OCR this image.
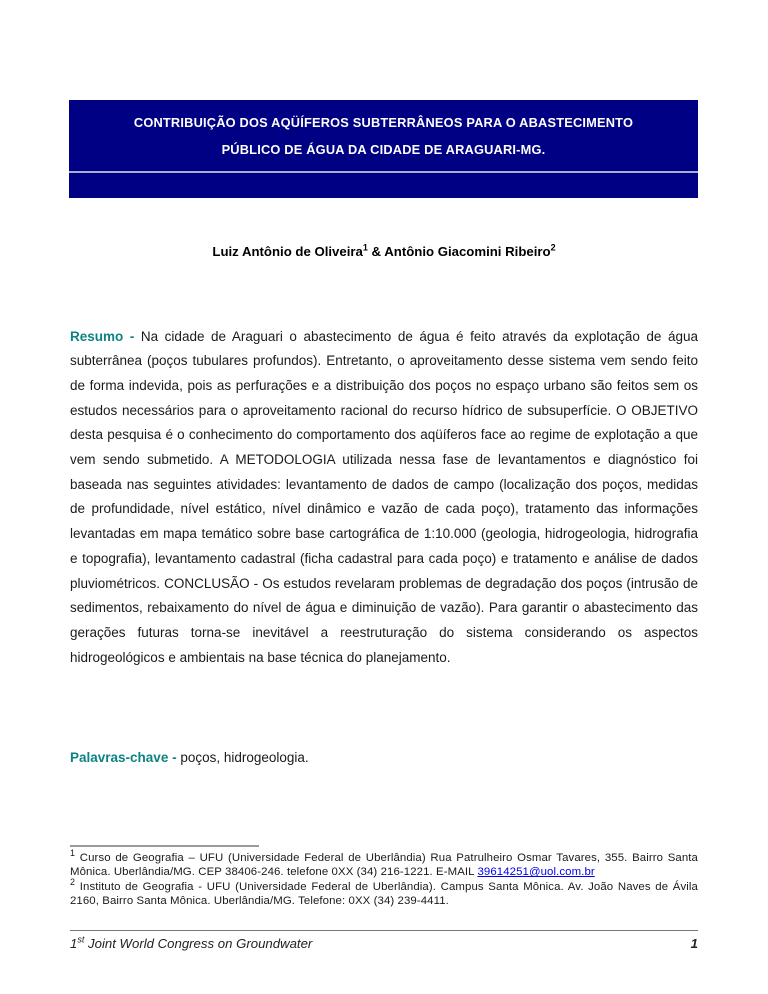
CONTRIBUIÇÃO DOS AQÜÍFEROS SUBTERRÂNEOS PARA O ABASTECIMENTO
PÚBLICO DE ÁGUA DA CIDADE DE ARAGUARI-MG.
Luiz Antônio de Oliveira$^1$ & Antônio Giacomini Ribeiro$^2$

Resumo - Na cidade de Araguari o abastecimento de água é feito através da explotação de água subterrânea (poços tubulares profundos). Entretanto, o aproveitamento desse sistema vem sendo feito de forma indevida, pois as perfurações e a distribuição dos poços no espaço urbano são feitos sem os estudos necessários para o aproveitamento racional do recurso hídrico de subsuperfície. O OBJETIVO desta pesquisa é o conhecimento do comportamento dos aqüíferos face ao regime de explotação a que vem sendo submetido. A METODOLOGIA utilizada nessa fase de levantamentos e diagnóstico foi baseada nas seguintes atividades: levantamento de dados de campo (localização dos poços, medidas de profundidade, nível estático, nível dinâmico e vazão de cada poço), tratamento das informações levantadas em mapa temático sobre base cartográfica de 1:10.000 (geologia, hidrogeologia, hidrografia e topografia), levantamento cadastral (ficha cadastral para cada poço) e tratamento e análise de dados pluviométricos. CONCLUSÃO - Os estudos revelaram problemas de degradação dos poços (intrusão de sedimentos, rebaixamento do nível de água e diminuição de vazão). Para garantir o abastecimento das gerações futuras torna-se inevitável a reestruturação do sistema considerando os aspectos hidrogeológicos e ambientais na base técnica do planejamento.

Palavras-chave - poços, hidrogeologia.

$^1$ Curso de Geografia – UFU (Universidade Federal de Uberlândia) Rua Patrulheiro Osmar Tavares, 355. Bairro Santa Mônica. Uberlândia/MG. CEP 38406-246. telefone 0XX (34) 216-1221. E-MAIL 39614251@uol.com.br

$^2$ Instituto de Geografia - UFU (Universidade Federal de Uberlândia). Campus Santa Mônica. Av. João Naves de Ávila 2160, Bairro Santa Mônica. Uberlândia/MG. Telefone: 0XX (34) 239-4411.

1st Joint World Congress on Groundwater	1
